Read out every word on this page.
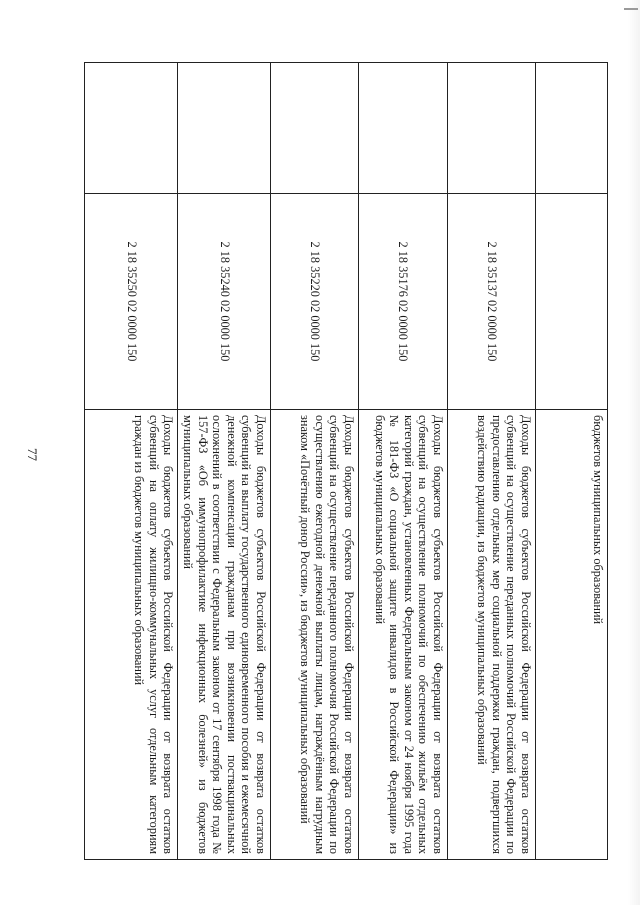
77
			бюджетов муниципальных образований
	2 18 35137 02 0000 150	Доходы бюджетов субъектов Российской Федерации от возврата остатков субвенций на осуществление переданных полномочий Российской Федерации по предоставлению отдельных мер социальной поддержки граждан, подвергшихся воздействию радиации, из бюджетов муниципальных образований
	2 18 35176 02 0000 150	Доходы бюджетов субъектов Российской Федерации от возврата остатков субвенций на осуществление полномочий по обеспечению жильём отдельных категорий граждан, установленных Федеральным законом от 24 ноября 1995 года № 181-ФЗ «О социальной защите инвалидов в Российской Федерации» из бюджетов муниципальных образований
	2 18 35220 02 0000 150	Доходы бюджетов субъектов Российской Федерации от возврата остатков субвенций на осуществление переданного полномочия Российской Федерации по осуществлению ежегодной денежной выплаты лицам, награждённым нагрудным знаком «Почётный донор России», из бюджетов муниципальных образований
	2 18 35240 02 0000 150	Доходы бюджетов субъектов Российской Федерации от возврата остатков субвенций на выплату государственного единовременного пособия и ежемесячной денежной компенсации гражданам при возникновении поствакцинальных осложнений в соответствии с Федеральным законом от 17 сентября 1998 года № 157-ФЗ «Об иммунопрофилактике инфекционных болезней» из бюджетов муниципальных образований
	2 18 35250 02 0000 150	Доходы бюджетов субъектов Российской Федерации от возврата остатков субвенций на оплату жилищно-коммунальных услуг отдельным категориям граждан из бюджетов муниципальных образований
